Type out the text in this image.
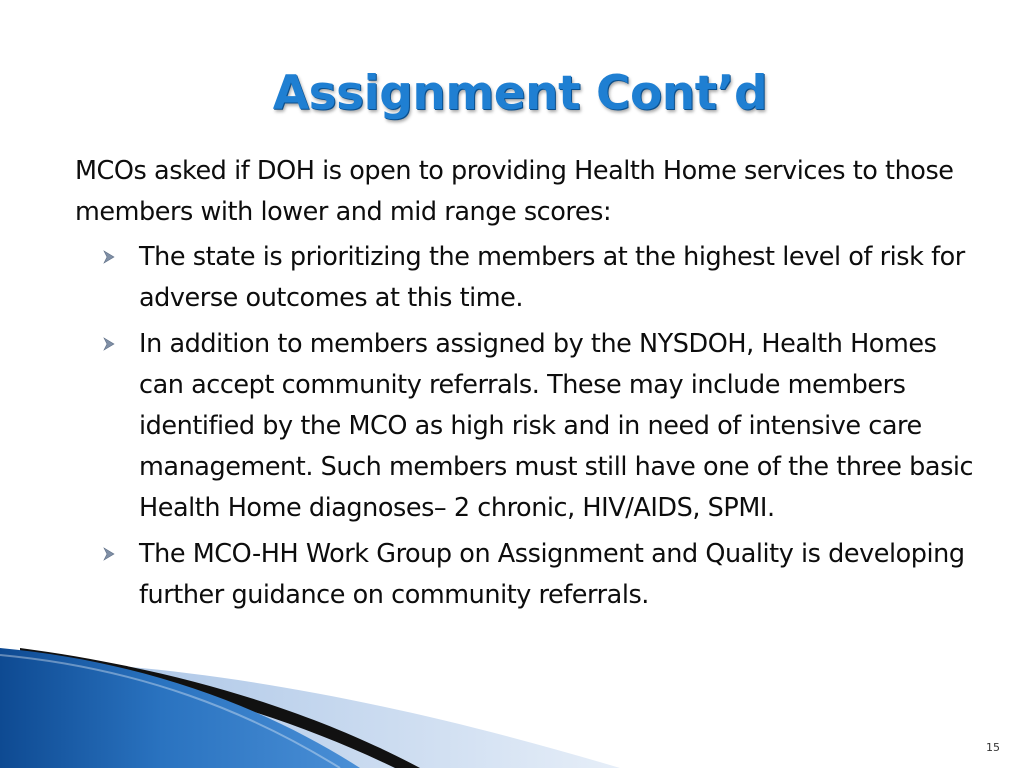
Assignment Cont’d

MCOs asked if DOH is open to providing Health Home services to those members with lower and mid range scores:

The state is prioritizing the members at the highest level of risk for adverse outcomes at this time.
In addition to members assigned by the NYSDOH, Health Homes can accept community referrals. These may include members identified by the MCO as high risk and in need of intensive care management. Such members must still have one of the three basic Health Home diagnoses– 2 chronic, HIV/AIDS, SPMI.
The MCO-HH Work Group on Assignment and Quality is developing further guidance on community referrals.
15
